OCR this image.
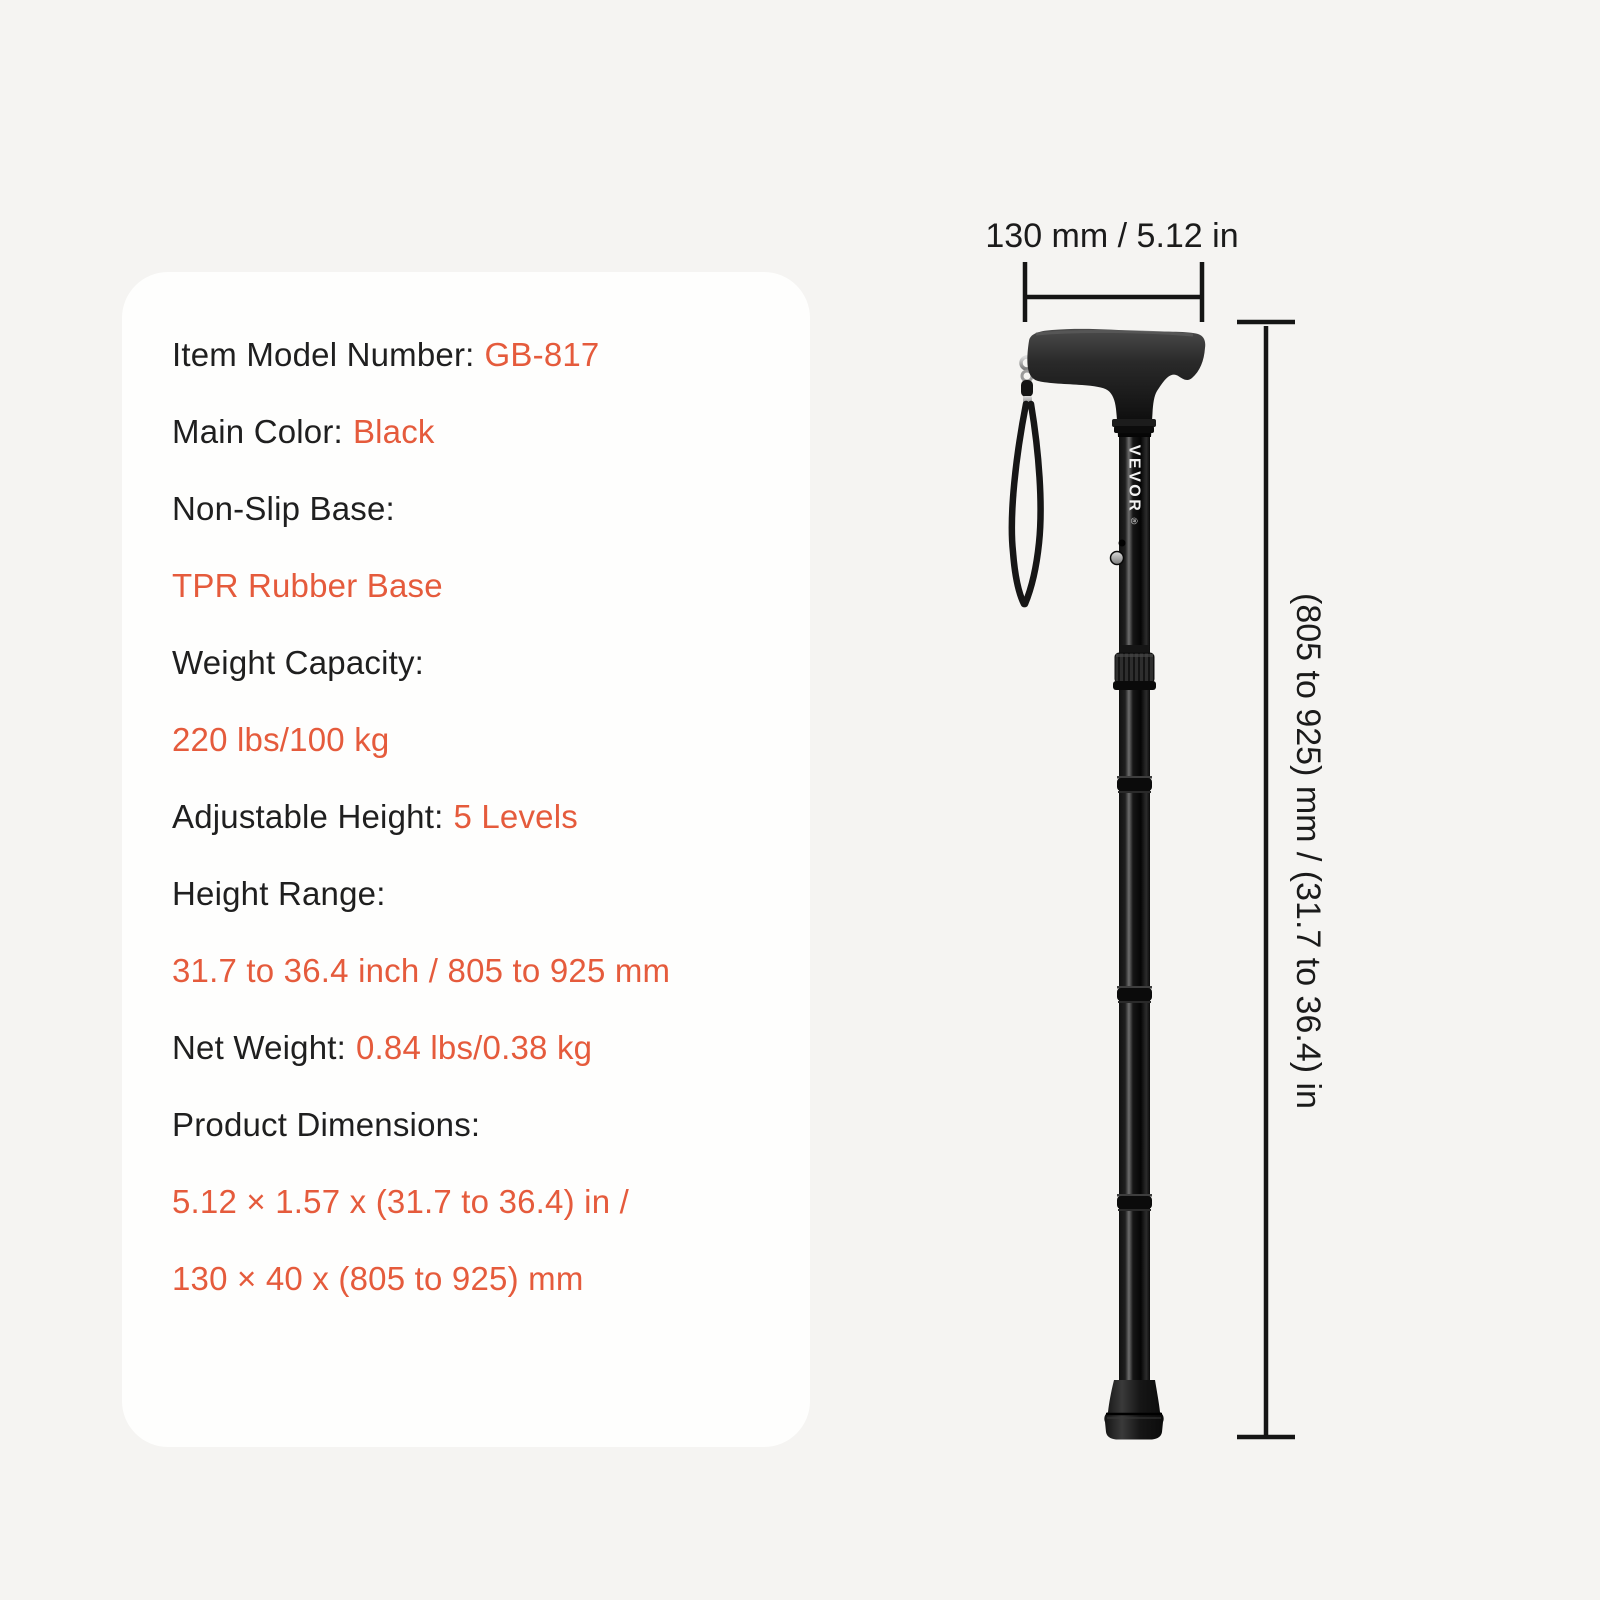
Item Model Number: GB-817
Main Color: Black
Non-Slip Base:
TPR Rubber Base
Weight Capacity:
220 lbs/100 kg
Adjustable Height: 5 Levels
Height Range:
31.7 to 36.4 inch / 805 to 925 mm
Net Weight: 0.84 lbs/0.38 kg
Product Dimensions:
5.12 × 1.57 x (31.7 to 36.4) in /
130 × 40 x (805 to 925) mm
130 mm / 5.12 in
(805 to 925) mm / (31.7 to 36.4) in
VEVOR
®
